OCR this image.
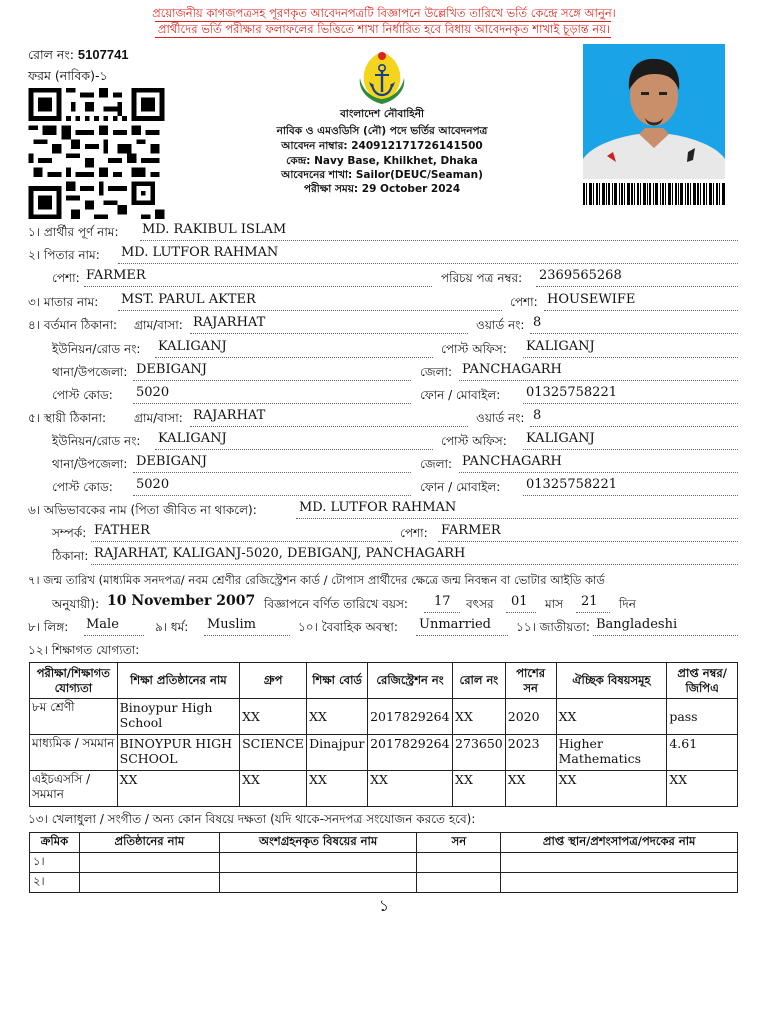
প্রয়োজনীয় কাগজপত্রসহ পূরণকৃত আবেদনপত্রটি বিজ্ঞাপনে উল্লেখিত তারিখে ভর্তি কেন্দ্রে সঙ্গে আনুন।
প্রার্থীদের ভর্তি পরীক্ষার ফলাফলের ভিত্তিতে শাখা নির্ধারিত হবে বিধায় আবেদনকৃত শাখাই চূড়ান্ত নয়।
রোল নং: 5107741
ফরম (নাবিক)-১
বাংলাদেশ নৌবাহিনী
নাবিক ও এমওডিসি (নৌ) পদে ভর্তির আবেদনপত্র
আবেদন নাম্বার: 240912171726141500
কেন্দ্র: Navy Base, Khilkhet, Dhaka
আবেদনের শাখা: Sailor(DEUC/Seaman)
পরীক্ষা সময়: 29 October 2024
১। প্রার্থীর পূর্ণ নাম: MD. RAKIBUL ISLAM
২। পিতার নাম: MD. LUTFOR RAHMAN
পেশা: FARMER	পরিচয় পত্র নম্বর: 2369565268
৩। মাতার নাম: MST. PARUL AKTER	পেশা: HOUSEWIFE
৪। বর্তমান ঠিকানা: গ্রাম/বাসা: RAJARHAT	ওয়ার্ড নং: 8
ইউনিয়ন/রোড নং: KALIGANJ	পোস্ট অফিস: KALIGANJ
থানা/উপজেলা: DEBIGANJ	জেলা: PANCHAGARH
পোস্ট কোড: 5020	ফোন / মোবাইল: 01325758221
৫। স্থায়ী ঠিকানা: গ্রাম/বাসা: RAJARHAT	ওয়ার্ড নং: 8
ইউনিয়ন/রোড নং: KALIGANJ	পোস্ট অফিস: KALIGANJ
থানা/উপজেলা: DEBIGANJ	জেলা: PANCHAGARH
পোস্ট কোড: 5020	ফোন / মোবাইল: 01325758221
৬। অভিভাবকের নাম (পিতা জীবিত না থাকলে):	MD. LUTFOR RAHMAN
সম্পর্ক: FATHER	পেশা: FARMER
ঠিকানা: RAJARHAT, KALIGANJ-5020, DEBIGANJ, PANCHAGARH
৭। জন্ম তারিখ (মাধ্যমিক সনদপত্র/ নবম শ্রেণীর রেজিস্ট্রেশন কার্ড / টোপাস প্রার্থীদের ক্ষেত্রে জন্ম নিবন্ধন বা ভোটার আইডি কার্ড
অনুযায়ী): 10 November 2007 বিজ্ঞাপনে বর্ণিত তারিখে বয়স: 17 বৎসর 01 মাস 21 দিন
৮। লিঙ্গ: Male	৯। ধর্ম: Muslim	১০। বৈবাহিক অবস্থা: Unmarried ১১। জাতীয়তা: Bangladeshi
১২। শিক্ষাগত যোগ্যতা:
পরীক্ষা/শিক্ষাগত যোগ্যতা	শিক্ষা প্রতিষ্ঠানের নাম	গ্রুপ	শিক্ষা বোর্ড	রেজিস্ট্রেশন নং	রোল নং	পাশের সন	ঐচ্ছিক বিষয়সমূহ	প্রাপ্ত নম্বর/জিপিএ
৮ম শ্রেণী	Binoypur High School	XX	XX	2017829264	XX	2020	XX	pass
মাধ্যমিক / সমমান	BINOYPUR HIGH SCHOOL	SCIENCE	Dinajpur	2017829264	273650	2023	Higher Mathematics	4.61
এইচএসসি / সমমান	XX	XX	XX	XX	XX	XX	XX	XX
১৩। খেলাধুলা / সংগীত / অন্য কোন বিষয়ে দক্ষতা (যদি থাকে-সনদপত্র সংযোজন করতে হবে):
ক্রমিক	প্রতিষ্ঠানের নাম	অংশগ্রহনকৃত বিষয়ের নাম	সন	প্রাপ্ত স্থান/প্রশংসাপত্র/পদকের নাম
১।				
২।				
১
